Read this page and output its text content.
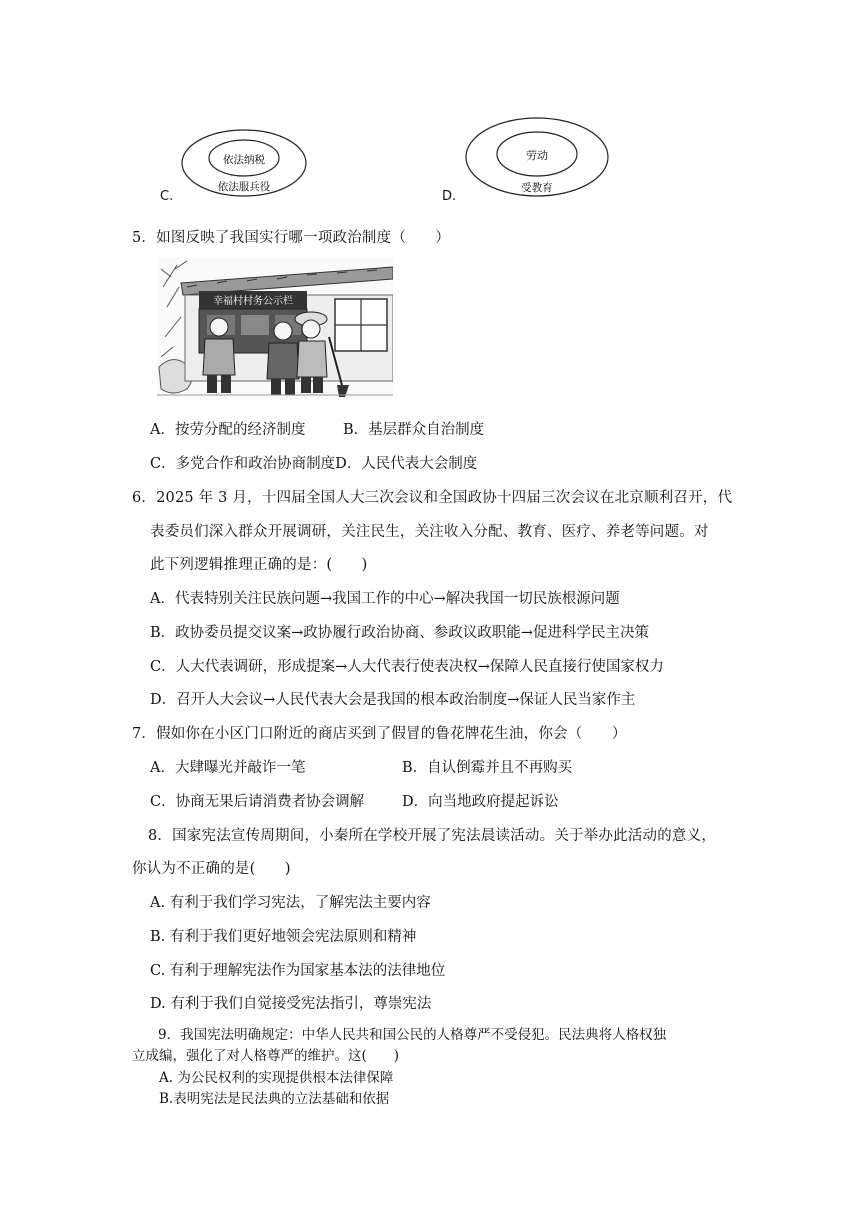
依法纳税
依法服兵役
C.
劳动
受教育
D.
5．如图反映了我国实行哪一项政治制度（　　）
幸福村村务公示栏
A．按劳分配的经济制度	B．基层群众自治制度
C．多党合作和政治协商制度D．人民代表大会制度
6．2025 年 3 月，十四届全国人大三次会议和全国政协十四届三次会议在北京顺利召开，代
表委员们深入群众开展调研，关注民生，关注收入分配、教育、医疗、养老等问题。对
此下列逻辑推理正确的是：(　　)
A．代表特别关注民族问题→我国工作的中心→解决我国一切民族根源问题
B．政协委员提交议案→政协履行政治协商、参政议政职能→促进科学民主决策
C．人大代表调研，形成提案→人大代表行使表决权→保障人民直接行使国家权力
D．召开人大会议→人民代表大会是我国的根本政治制度→保证人民当家作主
7．假如你在小区门口附近的商店买到了假冒的鲁花牌花生油，你会（　　）
A．大肆曝光并敲诈一笔	B．自认倒霉并且不再购买
C．协商无果后请消费者协会调解	D．向当地政府提起诉讼
8．国家宪法宣传周期间，小秦所在学校开展了宪法晨读活动。关于举办此活动的意义，
你认为不正确的是(　　)
A. 有利于我们学习宪法，了解宪法主要内容
B. 有利于我们更好地领会宪法原则和精神
C. 有利于理解宪法作为国家基本法的法律地位
D. 有利于我们自觉接受宪法指引，尊崇宪法
9．我国宪法明确规定：中华人民共和国公民的人格尊严不受侵犯。民法典将人格权独
立成编，强化了对人格尊严的维护。这(　　)
A. 为公民权利的实现提供根本法律保障
B.表明宪法是民法典的立法基础和依据
